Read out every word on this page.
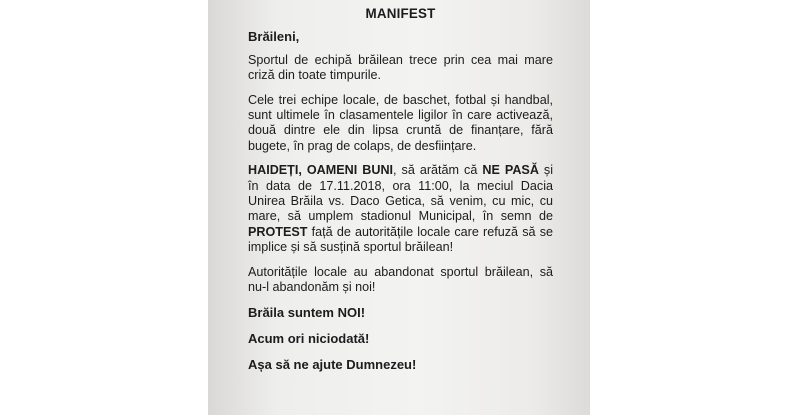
MANIFEST
Brăileni,

Sportul de echipă brăilean trece prin cea mai mare criză din toate timpurile.

Cele trei echipe locale, de baschet, fotbal și handbal, sunt ultimele în clasamentele ligilor în care activează, două dintre ele din lipsa cruntă de finanțare, fără bugete, în prag de colaps, de desființare.

HAIDEȚI, OAMENI BUNI, să arătăm că NE PASĂ și în data de 17.11.2018, ora 11:00, la meciul Dacia Unirea Brăila vs. Daco Getica, să venim, cu mic, cu mare, să umplem stadionul Municipal, în semn de PROTEST față de autoritățile locale care refuză să se implice și să susțină sportul brăilean!

Autoritățile locale au abandonat sportul brăilean, să nu-l abandonăm și noi!

Brăila suntem NOI!
Acum ori niciodată!
Așa să ne ajute Dumnezeu!
